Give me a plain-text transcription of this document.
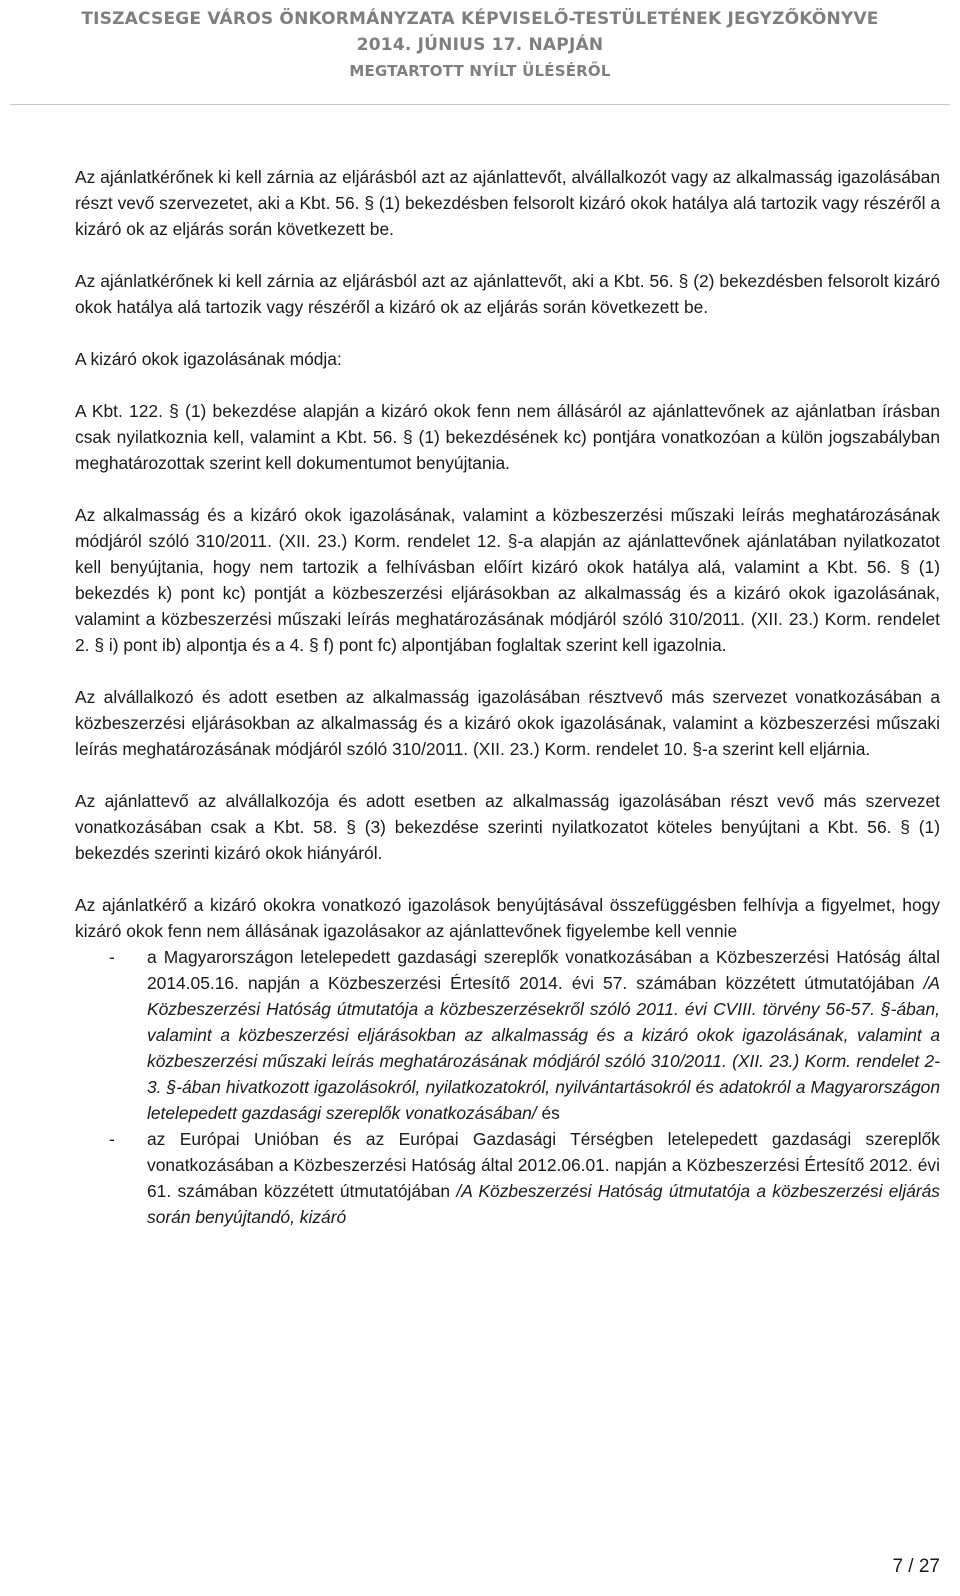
TISZACSEGE VÁROS ÖNKORMÁNYZATA KÉPVISELŐ-TESTÜLETÉNEK JEGYZŐKÖNYVE
2014. JÚNIUS 17. NAPJÁN
MEGTARTOTT NYÍLT ÜLÉSÉRŐL

Az ajánlatkérőnek ki kell zárnia az eljárásból azt az ajánlattevőt, alvállalkozót vagy az alkalmasság igazolásában részt vevő szervezetet, aki a Kbt. 56. § (1) bekezdésben felsorolt kizáró okok hatálya alá tartozik vagy részéről a kizáró ok az eljárás során következett be.

Az ajánlatkérőnek ki kell zárnia az eljárásból azt az ajánlattevőt, aki a Kbt. 56. § (2) bekezdésben felsorolt kizáró okok hatálya alá tartozik vagy részéről a kizáró ok az eljárás során következett be.

A kizáró okok igazolásának módja:

A Kbt. 122. § (1) bekezdése alapján a kizáró okok fenn nem állásáról az ajánlattevőnek az ajánlatban írásban csak nyilatkoznia kell, valamint a Kbt. 56. § (1) bekezdésének kc) pontjára vonatkozóan a külön jogszabályban meghatározottak szerint kell dokumentumot benyújtania.

Az alkalmasság és a kizáró okok igazolásának, valamint a közbeszerzési műszaki leírás meghatározásának módjáról szóló 310/2011. (XII. 23.) Korm. rendelet 12. §-a alapján az ajánlattevőnek ajánlatában nyilatkozatot kell benyújtania, hogy nem tartozik a felhívásban előírt kizáró okok hatálya alá, valamint a Kbt. 56. § (1) bekezdés k) pont kc) pontját a közbeszerzési eljárásokban az alkalmasság és a kizáró okok igazolásának, valamint a közbeszerzési műszaki leírás meghatározásának módjáról szóló 310/2011. (XII. 23.) Korm. rendelet 2. § i) pont ib) alpontja és a 4. § f) pont fc) alpontjában foglaltak szerint kell igazolnia.

Az alvállalkozó és adott esetben az alkalmasság igazolásában résztvevő más szervezet vonatkozásában a közbeszerzési eljárásokban az alkalmasság és a kizáró okok igazolásának, valamint a közbeszerzési műszaki leírás meghatározásának módjáról szóló 310/2011. (XII. 23.) Korm. rendelet 10. §-a szerint kell eljárnia.

Az ajánlattevő az alvállalkozója és adott esetben az alkalmasság igazolásában részt vevő más szervezet vonatkozásában csak a Kbt. 58. § (3) bekezdése szerinti nyilatkozatot köteles benyújtani a Kbt. 56. § (1) bekezdés szerinti kizáró okok hiányáról.

Az ajánlatkérő a kizáró okokra vonatkozó igazolások benyújtásával összefüggésben felhívja a figyelmet, hogy kizáró okok fenn nem állásának igazolásakor az ajánlattevőnek figyelembe kell vennie

- a Magyarországon letelepedett gazdasági szereplők vonatkozásában a Közbeszerzési Hatóság által 2014.05.16. napján a Közbeszerzési Értesítő 2014. évi 57. számában közzétett útmutatójában /A Közbeszerzési Hatóság útmutatója a közbeszerzésekről szóló 2011. évi CVIII. törvény 56-57. §-ában, valamint a közbeszerzési eljárásokban az alkalmasság és a kizáró okok igazolásának, valamint a közbeszerzési műszaki leírás meghatározásának módjáról szóló 310/2011. (XII. 23.) Korm. rendelet 2-3. §-ában hivatkozott igazolásokról, nyilatkozatokról, nyilvántartásokról és adatokról a Magyarországon letelepedett gazdasági szereplők vonatkozásában/ és
- az Európai Unióban és az Európai Gazdasági Térségben letelepedett gazdasági szereplők vonatkozásában a Közbeszerzési Hatóság által 2012.06.01. napján a Közbeszerzési Értesítő 2012. évi 61. számában közzétett útmutatójában /A Közbeszerzési Hatóság útmutatója a közbeszerzési eljárás során benyújtandó, kizáró
7 / 27
